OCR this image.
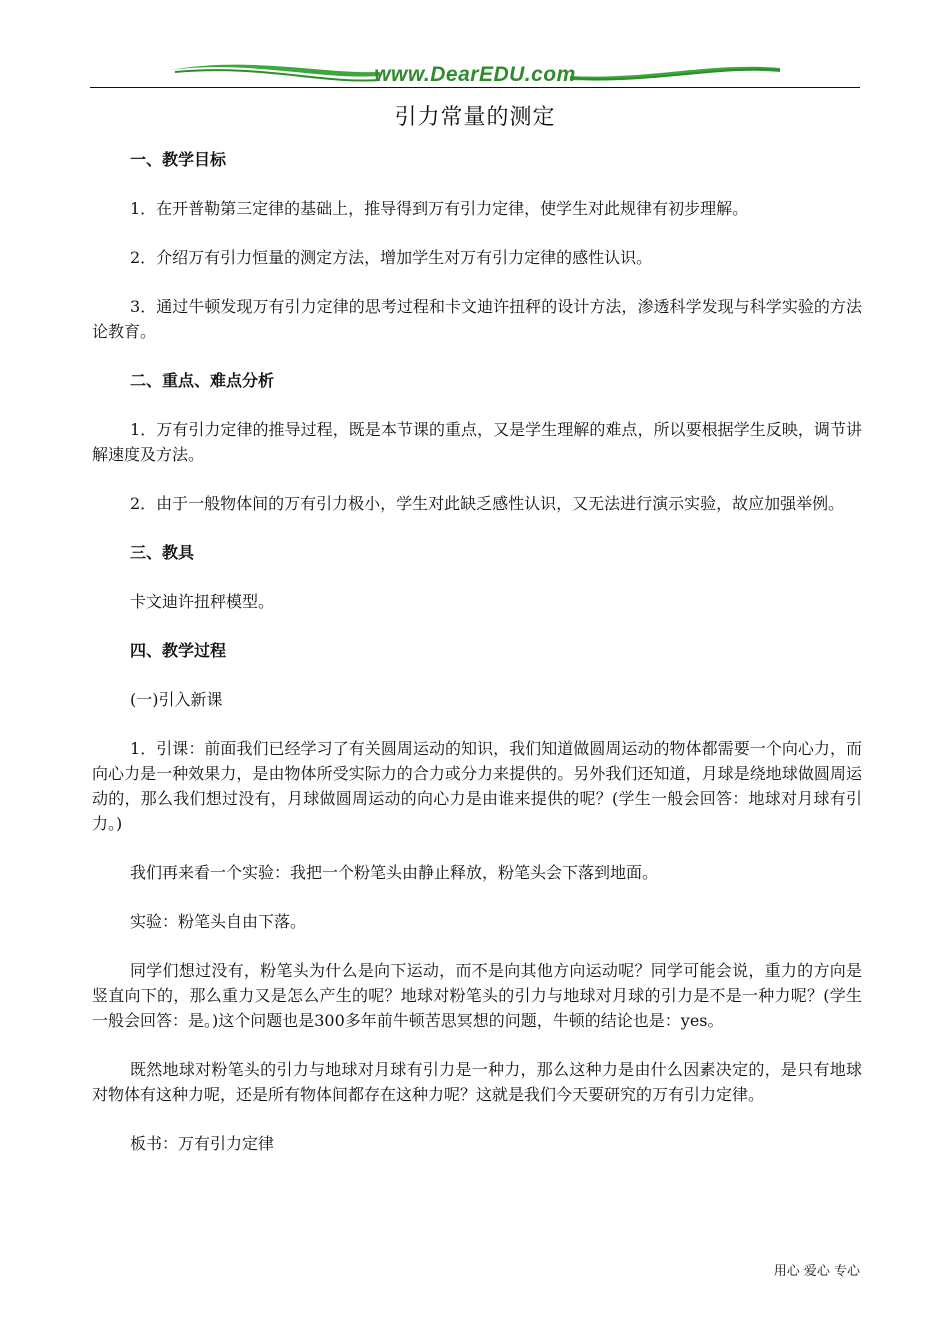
www.DearEDU.com
引力常量的测定

一、教学目标

1．在开普勒第三定律的基础上，推导得到万有引力定律，使学生对此规律有初步理解。

2．介绍万有引力恒量的测定方法，增加学生对万有引力定律的感性认识。

3．通过牛顿发现万有引力定律的思考过程和卡文迪许扭秤的设计方法，渗透科学发现与科学实验的方法论教育。

二、重点、难点分析

1．万有引力定律的推导过程，既是本节课的重点，又是学生理解的难点，所以要根据学生反映，调节讲解速度及方法。

2．由于一般物体间的万有引力极小，学生对此缺乏感性认识，又无法进行演示实验，故应加强举例。

三、教具

卡文迪许扭秤模型。

四、教学过程

(一)引入新课

1．引课：前面我们已经学习了有关圆周运动的知识，我们知道做圆周运动的物体都需要一个向心力，而向心力是一种效果力，是由物体所受实际力的合力或分力来提供的。另外我们还知道，月球是绕地球做圆周运动的，那么我们想过没有，月球做圆周运动的向心力是由谁来提供的呢？(学生一般会回答：地球对月球有引力。)

我们再来看一个实验：我把一个粉笔头由静止释放，粉笔头会下落到地面。

实验：粉笔头自由下落。

同学们想过没有，粉笔头为什么是向下运动，而不是向其他方向运动呢？同学可能会说，重力的方向是竖直向下的，那么重力又是怎么产生的呢？地球对粉笔头的引力与地球对月球的引力是不是一种力呢？(学生一般会回答：是。)这个问题也是300多年前牛顿苦思冥想的问题，牛顿的结论也是：yes。

既然地球对粉笔头的引力与地球对月球有引力是一种力，那么这种力是由什么因素决定的，是只有地球对物体有这种力呢，还是所有物体间都存在这种力呢？这就是我们今天要研究的万有引力定律。

板书：万有引力定律

用心 爱心 专心
